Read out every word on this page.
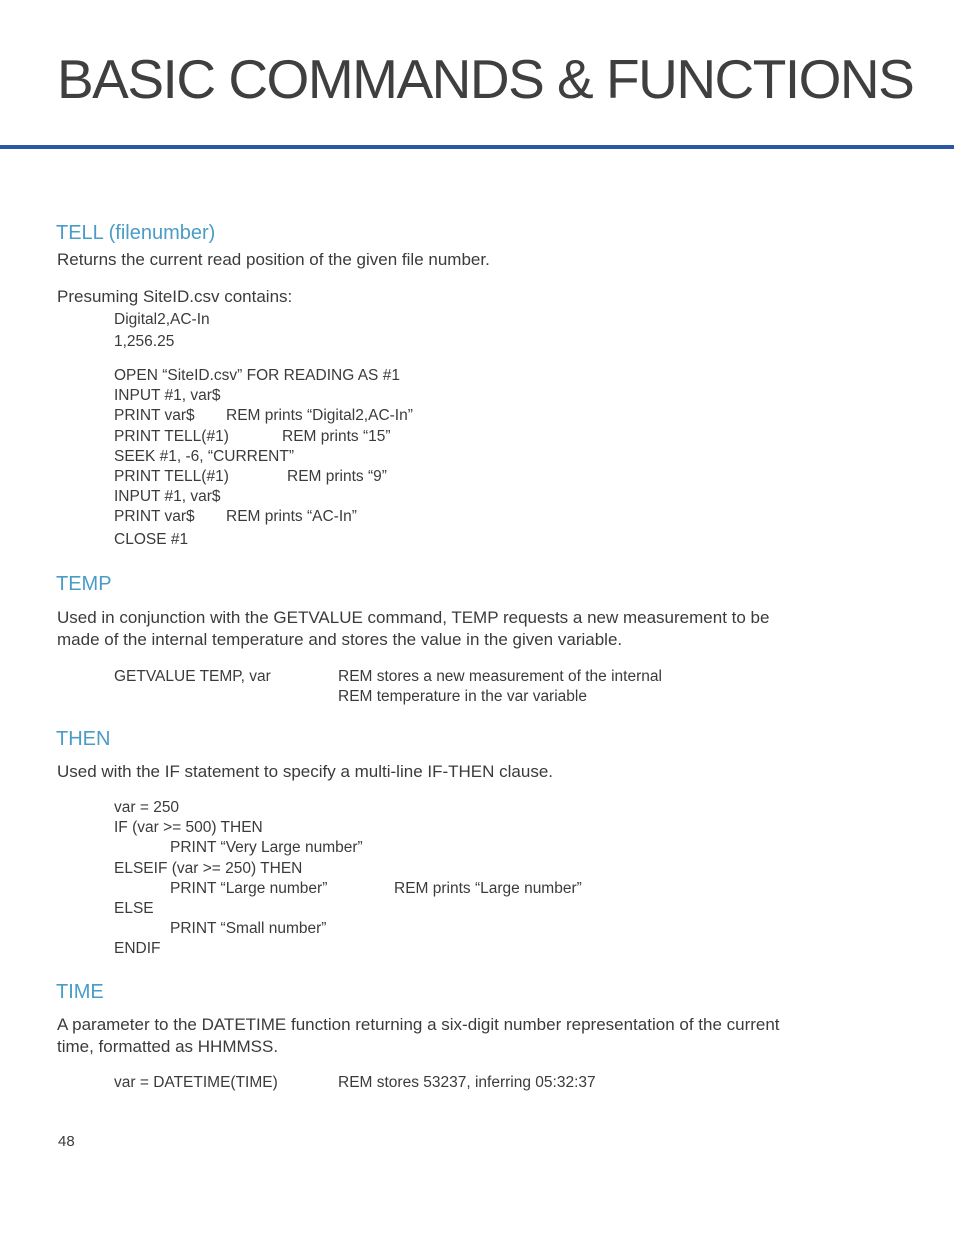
BASIC COMMANDS & FUNCTIONS
TELL (filenumber)
Returns the current read position of the given file number.
Presuming SiteID.csv contains:
Digital2,AC-In
1,256.25
OPEN “SiteID.csv” FOR READING AS #1
INPUT #1, var$
PRINT var$ REM prints “Digital2,AC-In”
PRINT TELL(#1)	REM prints “15”
SEEK #1, -6, “CURRENT”
PRINT TELL(#1)	REM prints “9”
INPUT #1, var$
PRINT var$ REM prints “AC-In”
CLOSE #1
TEMP
Used in conjunction with the GETVALUE command, TEMP requests a new measurement to be
made of the internal temperature and stores the value in the given variable.
GETVALUE TEMP, var	REM stores a new measurement of the internal
REM temperature in the var variable
THEN
Used with the IF statement to specify a multi-line IF-THEN clause.
var = 250
IF (var >= 500) THEN
PRINT “Very Large number”
ELSEIF (var >= 250) THEN
PRINT “Large number”	REM prints “Large number”
ELSE
PRINT “Small number”
ENDIF
TIME
A parameter to the DATETIME function returning a six-digit number representation of the current
time, formatted as HHMMSS.
var = DATETIME(TIME)	REM stores 53237, inferring 05:32:37
48
